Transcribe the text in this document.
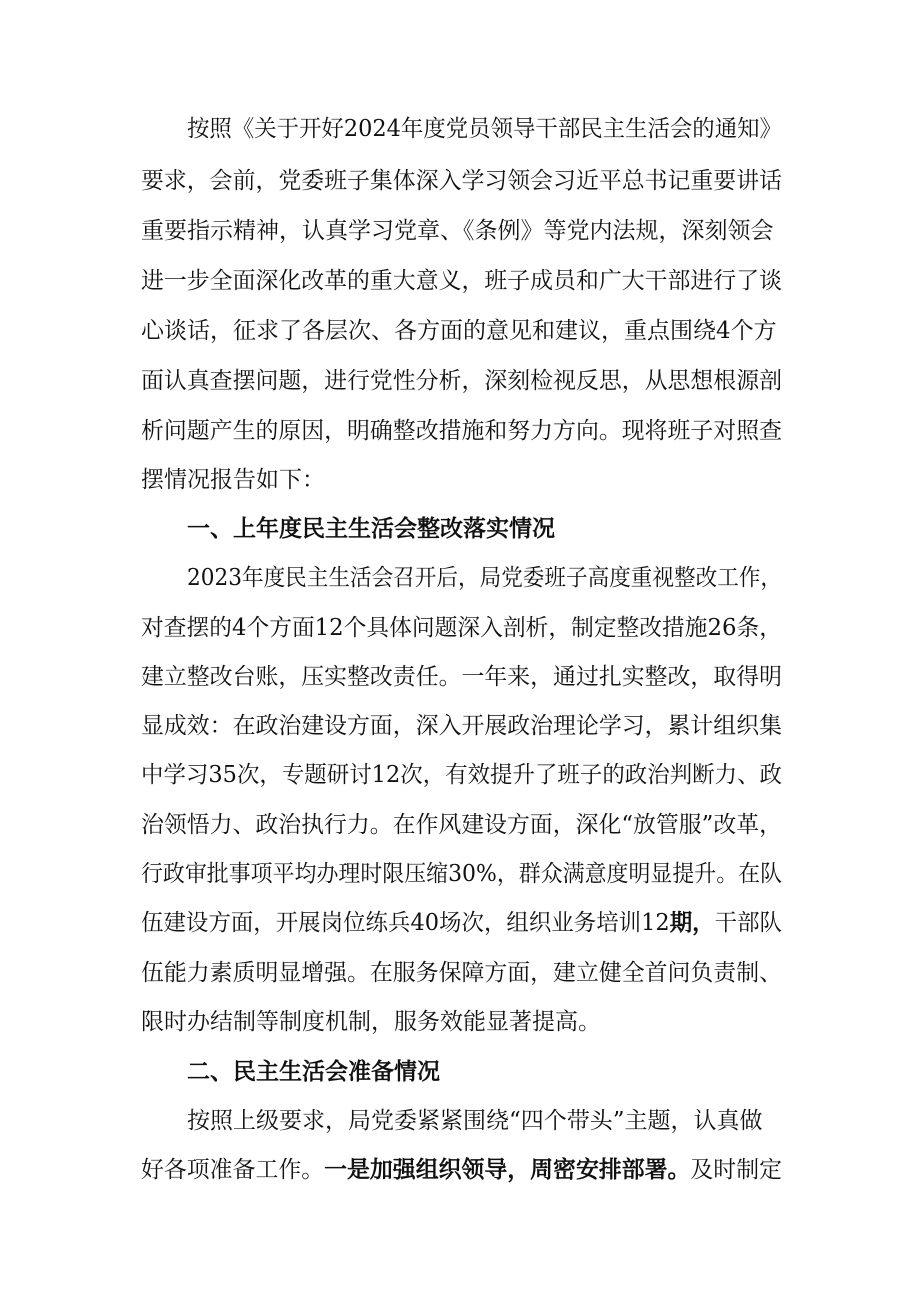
按照《关于开好2024年度党员领导干部民主生活会的通知》
要求，会前，党委班子集体深入学习领会习近平总书记重要讲话
重要指示精神，认真学习党章、《条例》等党内法规，深刻领会
进一步全面深化改革的重大意义，班子成员和广大干部进行了谈
心谈话，征求了各层次、各方面的意见和建议，重点围绕4个方
面认真查摆问题，进行党性分析，深刻检视反思，从思想根源剖
析问题产生的原因，明确整改措施和努力方向。现将班子对照查
摆情况报告如下：
一、上年度民主生活会整改落实情况
2023年度民主生活会召开后，局党委班子高度重视整改工作，
对查摆的4个方面12个具体问题深入剖析，制定整改措施26条，
建立整改台账，压实整改责任。一年来，通过扎实整改，取得明
显成效：在政治建设方面，深入开展政治理论学习，累计组织集
中学习35次，专题研讨12次，有效提升了班子的政治判断力、政
治领悟力、政治执行力。在作风建设方面，深化“放管服”改革，
行政审批事项平均办理时限压缩30%，群众满意度明显提升。在队
伍建设方面，开展岗位练兵40场次，组织业务培训12期，干部队
伍能力素质明显增强。在服务保障方面，建立健全首问负责制、
限时办结制等制度机制，服务效能显著提高。
二、民主生活会准备情况
按照上级要求，局党委紧紧围绕“四个带头”主题，认真做
好各项准备工作。一是加强组织领导，周密安排部署。及时制定
